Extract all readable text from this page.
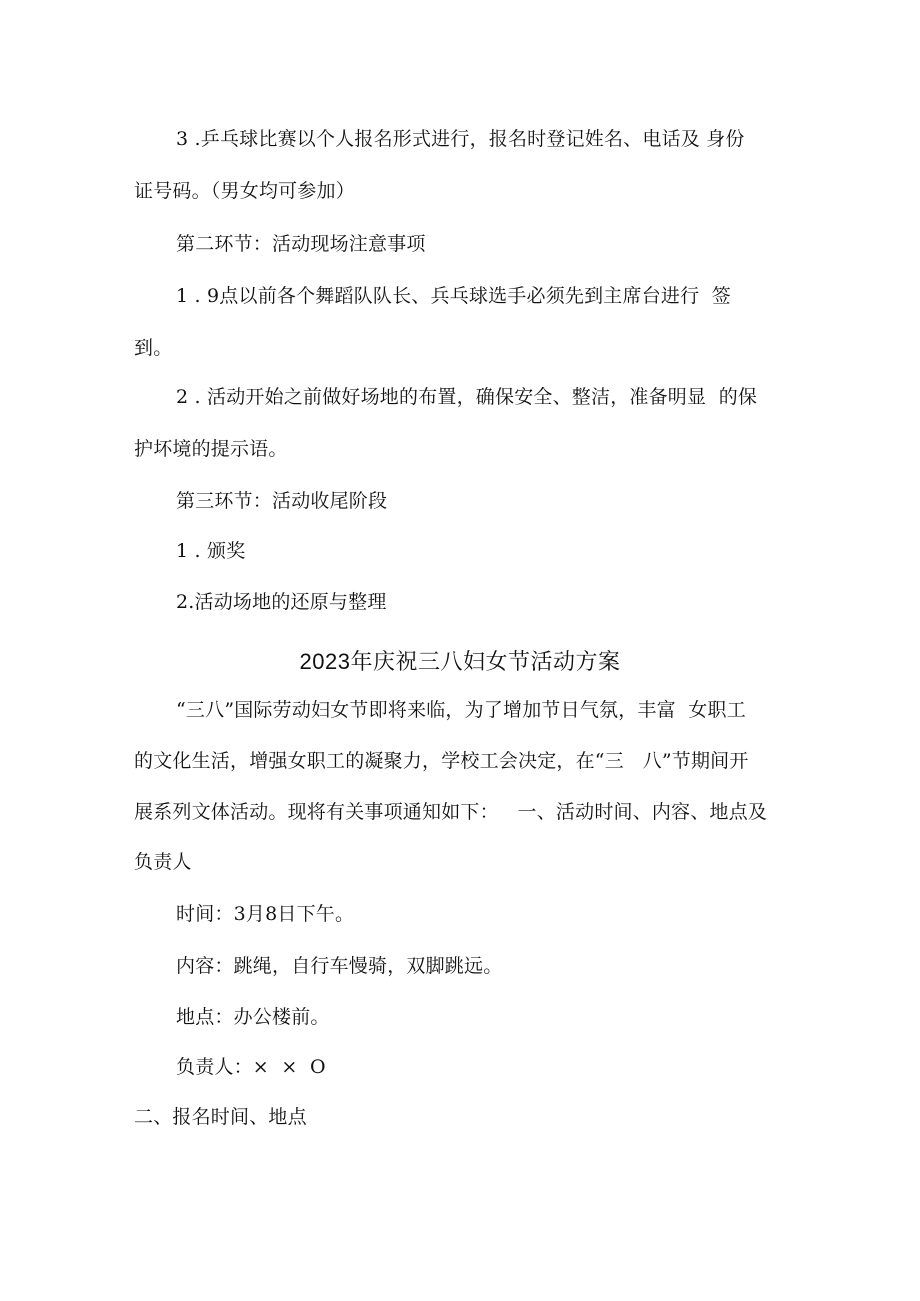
3 .乒乓球比赛以个人报名形式进行，报名时登记姓名、电话及 身份

证号码。（男女均可参加）

第二环节：活动现场注意事项

1 . 9点以前各个舞蹈队队长、兵乓球选手必须先到主席台进行  签

到。

2 . 活动开始之前做好场地的布置，确保安全、整洁，准备明显  的保

护坏境的提示语。

第三环节：活动收尾阶段

1 . 颁奖

2.活动场地的还原与整理

2023年庆祝三八妇女节活动方案

“三八”国际劳动妇女节即将来临，为了增加节日气氛，丰富  女职工

的文化生活，增强女职工的凝聚力，学校工会决定，在“三   八”节期间开

展系列文体活动。现将有关事项通知如下：   一、活动时间、内容、地点及

负责人

时间：3月8日下午。

内容：跳绳，自行车慢骑，双脚跳远。

地点：办公楼前。

负责人：×  ×  O

二、报名时间、地点
